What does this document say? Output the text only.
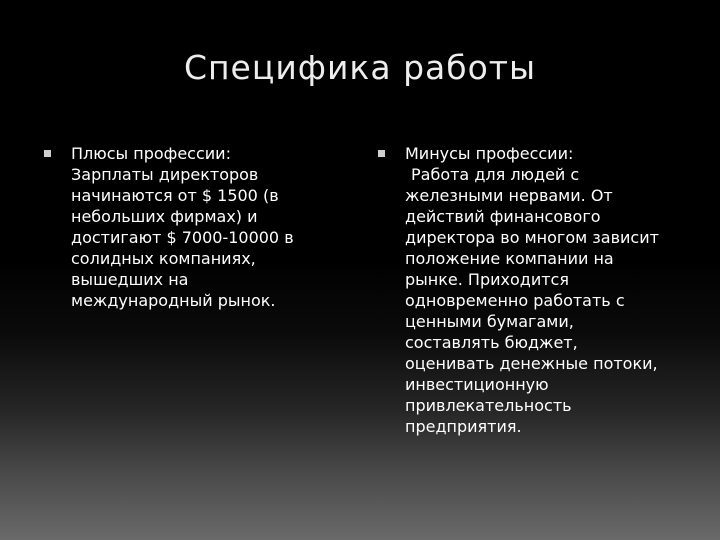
Специфика работы
Плюсы профессии:
Зарплаты директоров
начинаются от $ 1500 (в
небольших фирмах) и
достигают $ 7000-10000 в
солидных компаниях,
вышедших на
международный рынок.
Минусы профессии:
Работа для людей с
железными нервами. От
действий финансового
директора во многом зависит
положение компании на
рынке. Приходится
одновременно работать с
ценными бумагами,
составлять бюджет,
оценивать денежные потоки,
инвестиционную
привлекательность
предприятия.
